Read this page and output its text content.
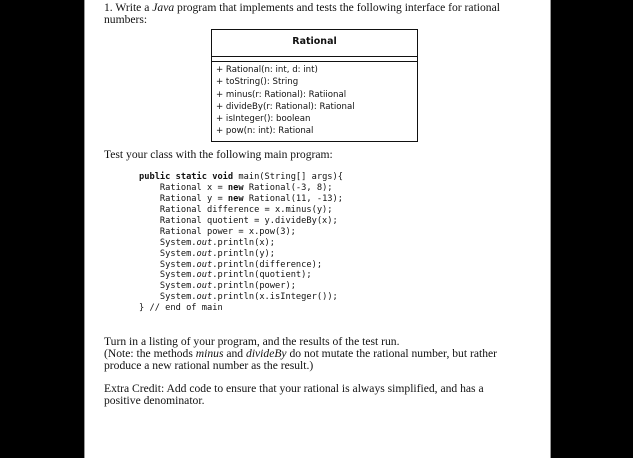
1. Write a Java program that implements and tests the following interface for rational
numbers:
Rational
+ Rational(n: int, d: int)
+ toString(): String
+ minus(r: Rational): Ratiional
+ divideBy(r: Rational): Rational
+ isInteger(): boolean
+ pow(n: int): Rational
Test your class with the following main program:
public static void main(String[] args){
Rational x = new Rational(-3, 8);
Rational y = new Rational(11, -13);
Rational difference = x.minus(y);
Rational quotient = y.divideBy(x);
Rational power = x.pow(3);
System.out.println(x);
System.out.println(y);
System.out.println(difference);
System.out.println(quotient);
System.out.println(power);
System.out.println(x.isInteger());
} // end of main
Turn in a listing of your program, and the results of the test run.
(Note: the methods minus and divideBy do not mutate the rational number, but rather
produce a new rational number as the result.)
Extra Credit: Add code to ensure that your rational is always simplified, and has a
positive denominator.
